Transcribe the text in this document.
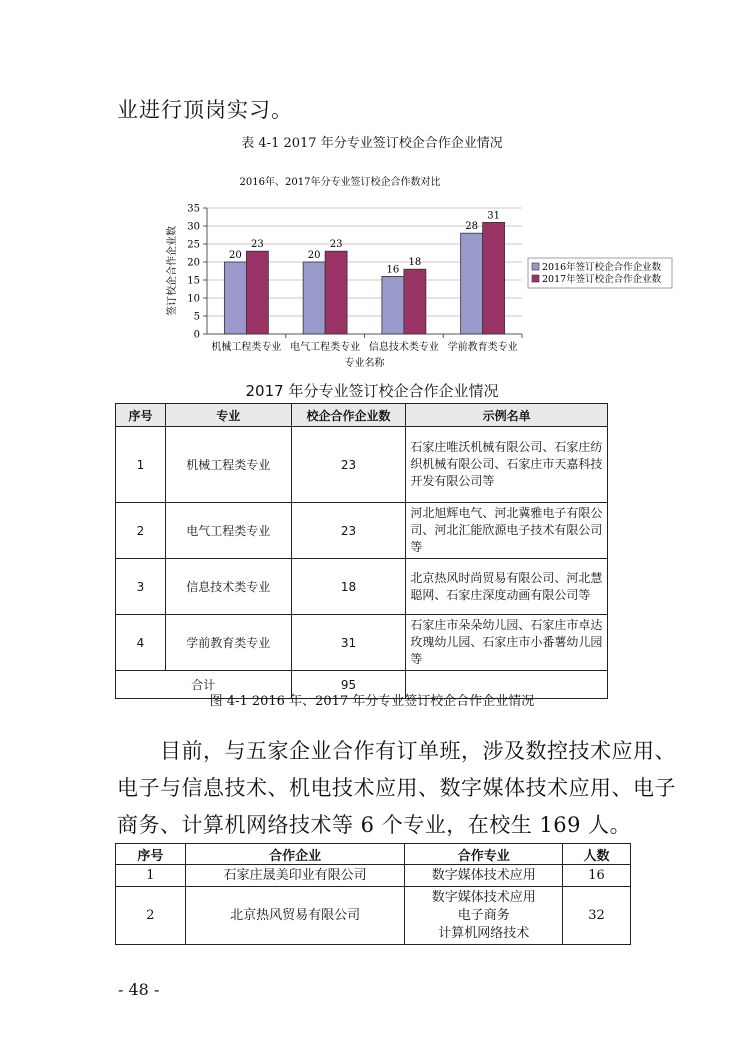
业进行顶岗实习。
表 4-1 2017 年分专业签订校企合作企业情况
2016年、2017年分专业签订校企合作数对比
0
5
10
15
20
25
30
35
签订校企合作企业数	20
23
机械工程类专业
20
23
电气工程类专业
16
18
信息技术类专业
28
31
学前教育类专业
专业名称
2016年签订校企合作企业数
2017年签订校企合作企业数
2017 年分专业签订校企合作企业情况
序号	专业	校企合作企业数	示例名单
1	机械工程类专业	23	石家庄唯沃机械有限公司、石家庄纺织机械有限公司、石家庄市天嘉科技开发有限公司等
2	电气工程类专业	23	河北旭辉电气、河北冀雅电子有限公司、河北汇能欣源电子技术有限公司等
3	信息技术类专业	18	北京热风时尚贸易有限公司、河北慧聪网、石家庄深度动画有限公司等
4	学前教育类专业	31	石家庄市朵朵幼儿园、石家庄市卓达玫瑰幼儿园、石家庄市小番薯幼儿园等
合计		95	
图 4-1 2016 年、2017 年分专业签订校企合作企业情况
目前，与五家企业合作有订单班，涉及数控技术应用、
电子与信息技术、机电技术应用、数字媒体技术应用、电子
商务、计算机网络技术等 6 个专业，在校生 169 人。
序号	合作企业	合作专业	人数
1	石家庄晟美印业有限公司	数字媒体技术应用	16
2	北京热风贸易有限公司	数字媒体技术应用
电子商务
计算机网络技术	32
- 48 -
